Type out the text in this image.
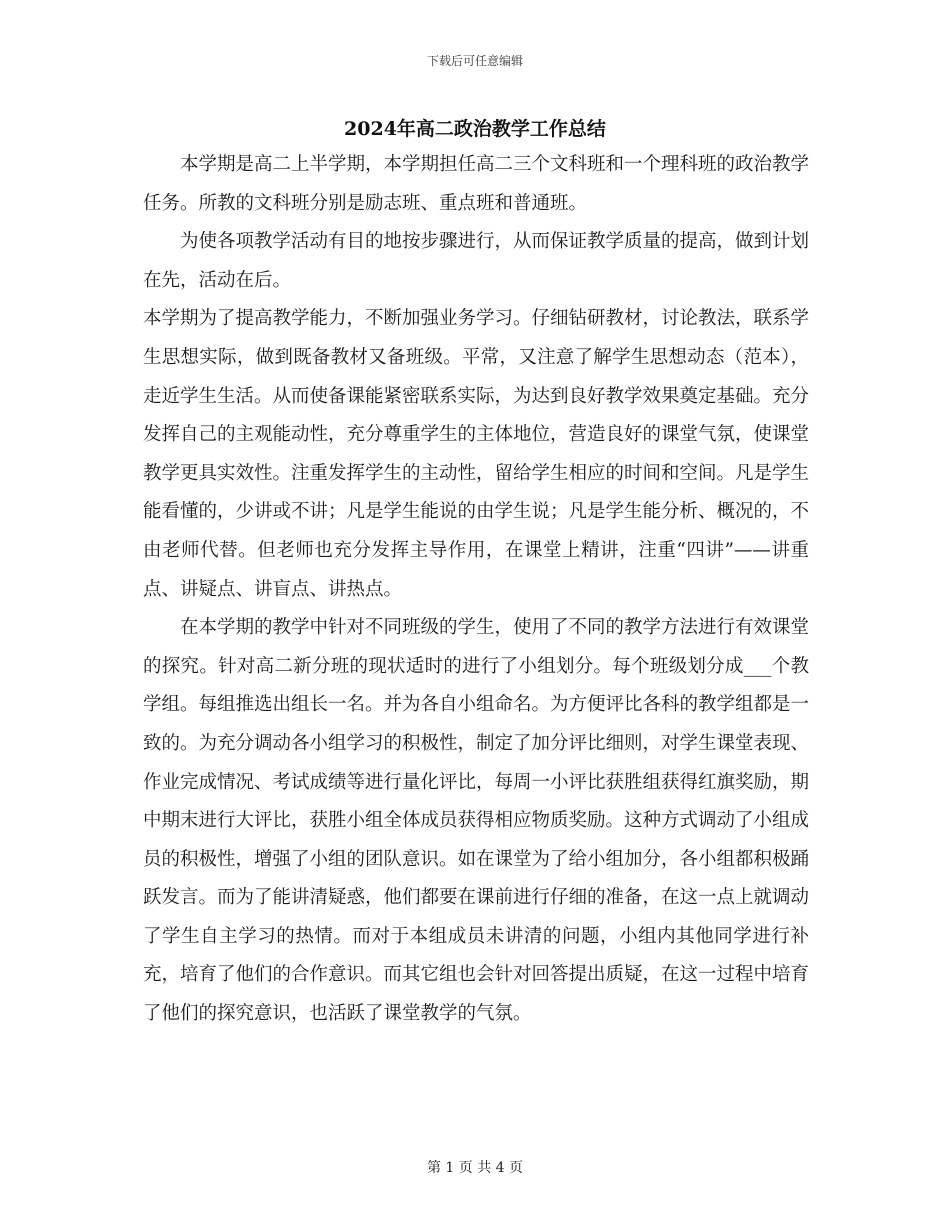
下载后可任意编辑
2024年高二政治教学工作总结

本学期是高二上半学期，本学期担任高二三个文科班和一个理科班的政治教学任务。所教的文科班分别是励志班、重点班和普通班。

为使各项教学活动有目的地按步骤进行，从而保证教学质量的提高，做到计划在先，活动在后。

本学期为了提高教学能力，不断加强业务学习。仔细钻研教材，讨论教法，联系学生思想实际，做到既备教材又备班级。平常，又注意了解学生思想动态（范本），走近学生生活。从而使备课能紧密联系实际，为达到良好教学效果奠定基础。充分发挥自己的主观能动性，充分尊重学生的主体地位，营造良好的课堂气氛，使课堂教学更具实效性。注重发挥学生的主动性，留给学生相应的时间和空间。凡是学生能看懂的，少讲或不讲；凡是学生能说的由学生说；凡是学生能分析、概况的，不由老师代替。但老师也充分发挥主导作用，在课堂上精讲，注重“四讲”——讲重点、讲疑点、讲盲点、讲热点。

在本学期的教学中针对不同班级的学生，使用了不同的教学方法进行有效课堂的探究。针对高二新分班的现状适时的进行了小组划分。每个班级划分成___个教学组。每组推选出组长一名。并为各自小组命名。为方便评比各科的教学组都是一致的。为充分调动各小组学习的积极性，制定了加分评比细则，对学生课堂表现、作业完成情况、考试成绩等进行量化评比，每周一小评比获胜组获得红旗奖励，期中期末进行大评比，获胜小组全体成员获得相应物质奖励。这种方式调动了小组成员的积极性，增强了小组的团队意识。如在课堂为了给小组加分，各小组都积极踊跃发言。而为了能讲清疑惑，他们都要在课前进行仔细的准备，在这一点上就调动了学生自主学习的热情。而对于本组成员未讲清的问题，小组内其他同学进行补充，培育了他们的合作意识。而其它组也会针对回答提出质疑，在这一过程中培育了他们的探究意识，也活跃了课堂教学的气氛。

第 1 页 共 4 页
